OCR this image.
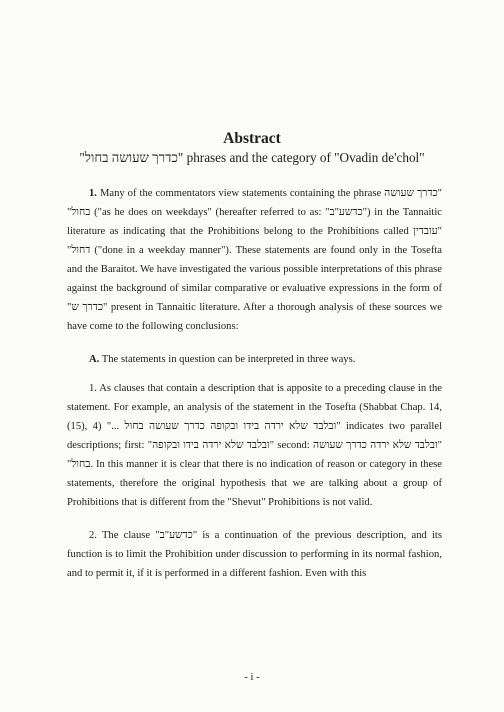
Abstract
"כדרך שעושה בחול" phrases and the category of "Ovadin de'chol"

1. Many of the commentators view statements containing the phrase "כדרך שעושה בחול" ("as he does on weekdays" (hereafter referred to as: "כדשע"ב") in the Tannaitic literature as indicating that the Prohibitions belong to the Prohibitions called "עובדין דחול" ("done in a weekday manner"). These statements are found only in the Tosefta and the Baraitot. We have investigated the various possible interpretations of this phrase against the background of similar comparative or evaluative expressions in the form of "כדרך ש" present in Tannaitic literature. After a thorough analysis of these sources we have come to the following conclusions:

A. The statements in question can be interpreted in three ways.

1. As clauses that contain a description that is apposite to a preceding clause in the statement. For example, an analysis of the statement in the Tosefta (Shabbat Chap. 14, (15), 4) "... ובלבד שלא ירדה בידו ובקופה כדרך שעושה בחול" indicates two parallel descriptions; first: "ובלבד שלא ירדה בידו ובקופה" second: "ובלבד שלא ירדה כדרך שעושה בחול". In this manner it is clear that there is no indication of reason or category in these statements, therefore the original hypothesis that we are talking about a group of Prohibitions that is different from the "Shevut" Prohibitions is not valid.

2. The clause "כדשע"ב" is a continuation of the previous description, and its function is to limit the Prohibition under discussion to performing in its normal fashion, and to permit it, if it is performed in a different fashion. Even with this

- i -
